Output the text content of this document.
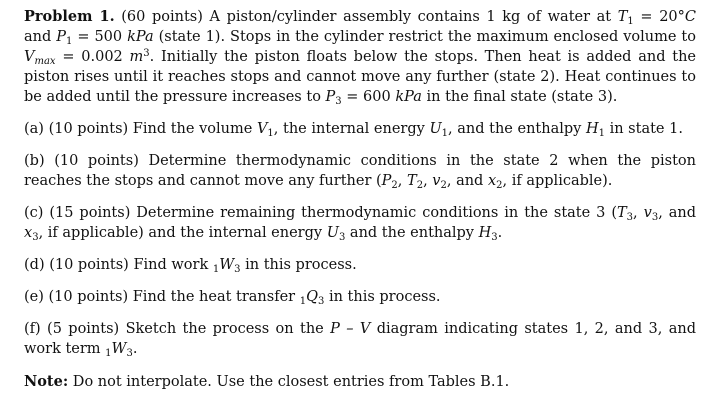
Problem 1. (60 points) A piston/cylinder assembly contains 1 kg of water at $T_1 = 20^\circ C$ and $P_1 = 500$ kPa (state 1). Stops in the cylinder restrict the maximum enclosed volume to $V_{max} = 0.002$ $m^3$. Initially the piston floats below the stops. Then heat is added and the piston rises until it reaches stops and cannot move any further (state 2). Heat continues to be added until the pressure increases to $P_3 = 600$ kPa in the final state (state 3).

(a) (10 points) Find the volume $V_1$, the internal energy $U_1$, and the enthalpy $H_1$ in state 1.

(b) (10 points) Determine thermodynamic conditions in the state 2 when the piston reaches the stops and cannot move any further ($P_2$, $T_2$, $v_2$, and $x_2$, if applicable).

(c) (15 points) Determine remaining thermodynamic conditions in the state 3 ($T_3$, $v_3$, and $x_3$, if applicable) and the internal energy $U_3$ and the enthalpy $H_3$.

(d) (10 points) Find work $_1W_3$ in this process.

(e) (10 points) Find the heat transfer $_1Q_3$ in this process.

(f) (5 points) Sketch the process on the P – V diagram indicating states 1, 2, and 3, and work term $_1W_3$.

Note: Do not interpolate. Use the closest entries from Tables B.1.
